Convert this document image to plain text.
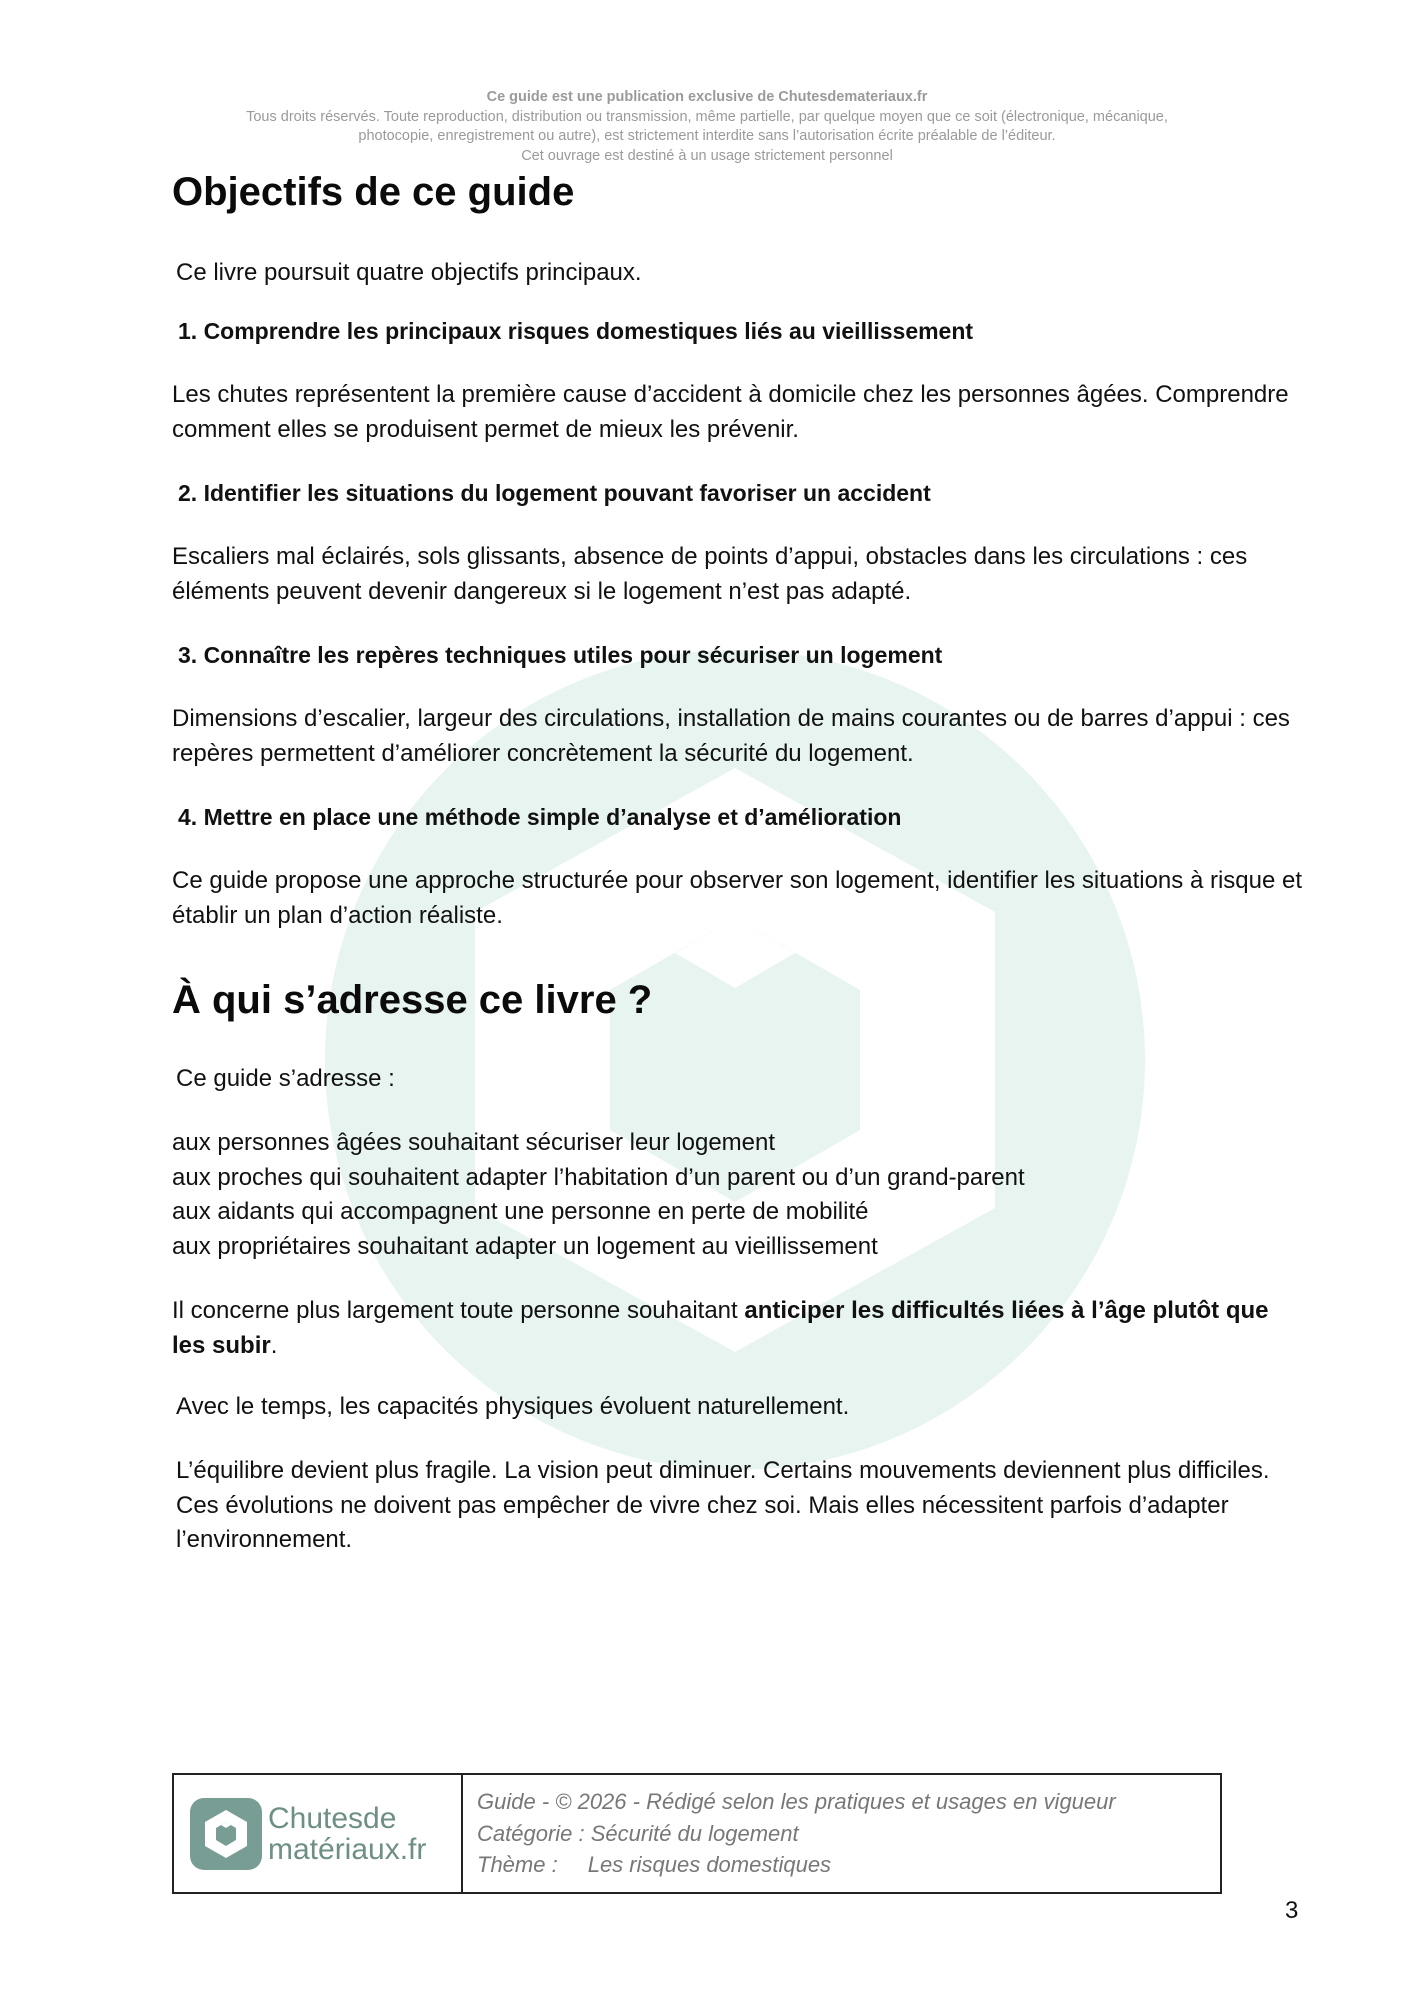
Ce guide est une publication exclusive de Chutesdemateriaux.fr
Tous droits réservés. Toute reproduction, distribution ou transmission, même partielle, par quelque moyen que ce soit (électronique, mécanique,
photocopie, enregistrement ou autre), est strictement interdite sans l’autorisation écrite préalable de l’éditeur.
Cet ouvrage est destiné à un usage strictement personnel
Objectifs de ce guide

Ce livre poursuit quatre objectifs principaux.

1. Comprendre les principaux risques domestiques liés au vieillissement

Les chutes représentent la première cause d’accident à domicile chez les personnes âgées. Comprendre comment elles se produisent permet de mieux les prévenir.

2. Identifier les situations du logement pouvant favoriser un accident

Escaliers mal éclairés, sols glissants, absence de points d’appui, obstacles dans les circulations : ces éléments peuvent devenir dangereux si le logement n’est pas adapté.

3. Connaître les repères techniques utiles pour sécuriser un logement

Dimensions d’escalier, largeur des circulations, installation de mains courantes ou de barres d’appui : ces repères permettent d’améliorer concrètement la sécurité du logement.

4. Mettre en place une méthode simple d’analyse et d’amélioration

Ce guide propose une approche structurée pour observer son logement, identifier les situations à risque et établir un plan d’action réaliste.

À qui s’adresse ce livre ?

Ce guide s’adresse :

aux personnes âgées souhaitant sécuriser leur logement
aux proches qui souhaitent adapter l’habitation d’un parent ou d’un grand-parent
aux aidants qui accompagnent une personne en perte de mobilité
aux propriétaires souhaitant adapter un logement au vieillissement

Il concerne plus largement toute personne souhaitant anticiper les difficultés liées à l’âge plutôt que les subir.

Avec le temps, les capacités physiques évoluent naturellement.

L’équilibre devient plus fragile. La vision peut diminuer. Certains mouvements deviennent plus difficiles. Ces évolutions ne doivent pas empêcher de vivre chez soi. Mais elles nécessitent parfois d’adapter l’environnement.

Chutesde
matériaux.fr
Guide - © 2026 - Rédigé selon les pratiques et usages en vigueur
Catégorie : Sécurité du logement
Thème : Les risques domestiques
3
